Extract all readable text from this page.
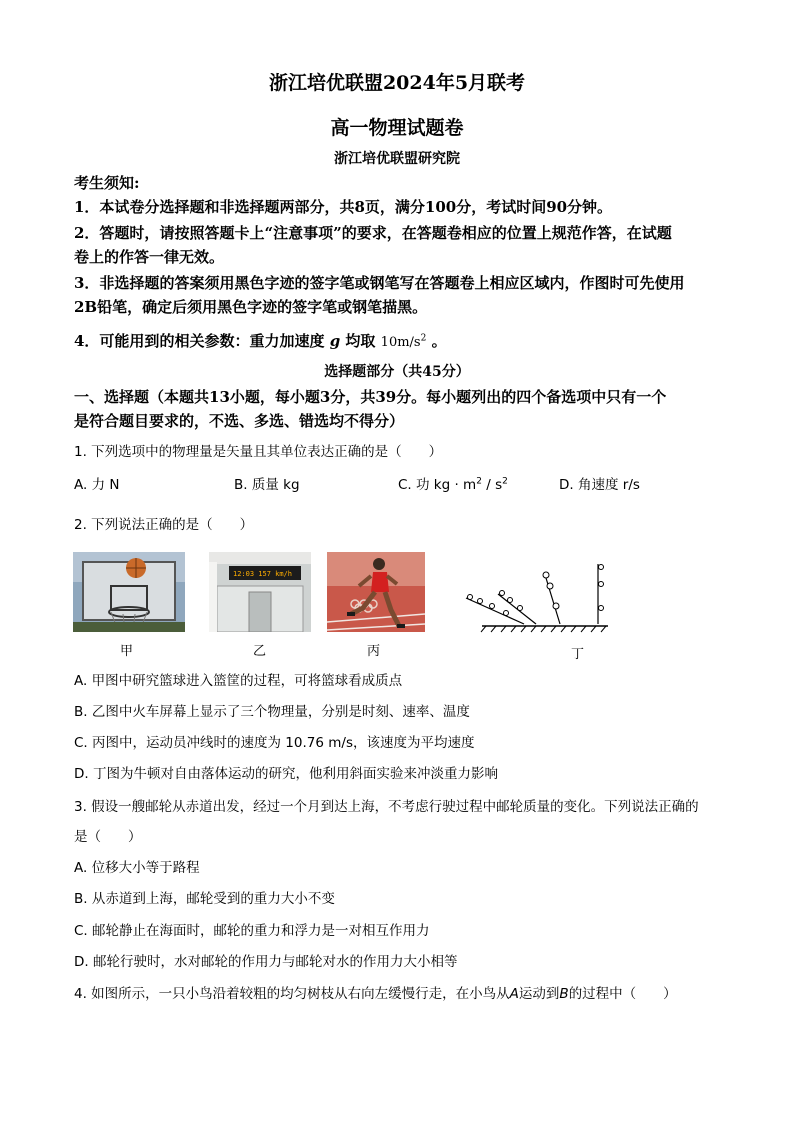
浙江培优联盟2024年5月联考
高一物理试题卷
浙江培优联盟研究院
考生须知:
1．本试卷分选择题和非选择题两部分，共8页，满分100分，考试时间90分钟。
2．答题时，请按照答题卡上“注意事项”的要求，在答题卷相应的位置上规范作答，在试题
卷上的作答一律无效。
3．非选择题的答案须用黑色字迹的签字笔或钢笔写在答题卷上相应区域内，作图时可先使用
2B铅笔，确定后须用黑色字迹的签字笔或钢笔描黑。
4．可能用到的相关参数：重力加速度 g 均取 $10m/s^2$ 。
选择题部分（共45分）
一、选择题（本题共13小题，每小题3分，共39分。每小题列出的四个备选项中只有一个
是符合题目要求的，不选、多选、错选均不得分）
1. 下列选项中的物理量是矢量且其单位表达正确的是（　　）
A. 力 N	B. 质量 kg	C. 功 kg · $m^2 / s^2$	D. 角速度 r/s
2. 下列说法正确的是（　　）
甲
12:03 157 km/h
乙	丙	丁
A. 甲图中研究篮球进入篮筐的过程，可将篮球看成质点
B. 乙图中火车屏幕上显示了三个物理量，分别是时刻、速率、温度
C. 丙图中，运动员冲线时的速度为 10.76 m/s，该速度为平均速度
D. 丁图为牛顿对自由落体运动的研究，他利用斜面实验来冲淡重力影响
3. 假设一艘邮轮从赤道出发，经过一个月到达上海，不考虑行驶过程中邮轮质量的变化。下列说法正确的
是（　　）
A. 位移大小等于路程
B. 从赤道到上海，邮轮受到的重力大小不变
C. 邮轮静止在海面时，邮轮的重力和浮力是一对相互作用力
D. 邮轮行驶时，水对邮轮的作用力与邮轮对水的作用力大小相等
4. 如图所示，一只小鸟沿着较粗的均匀树枝从右向左缓慢行走，在小鸟从A运动到B的过程中（　　）
